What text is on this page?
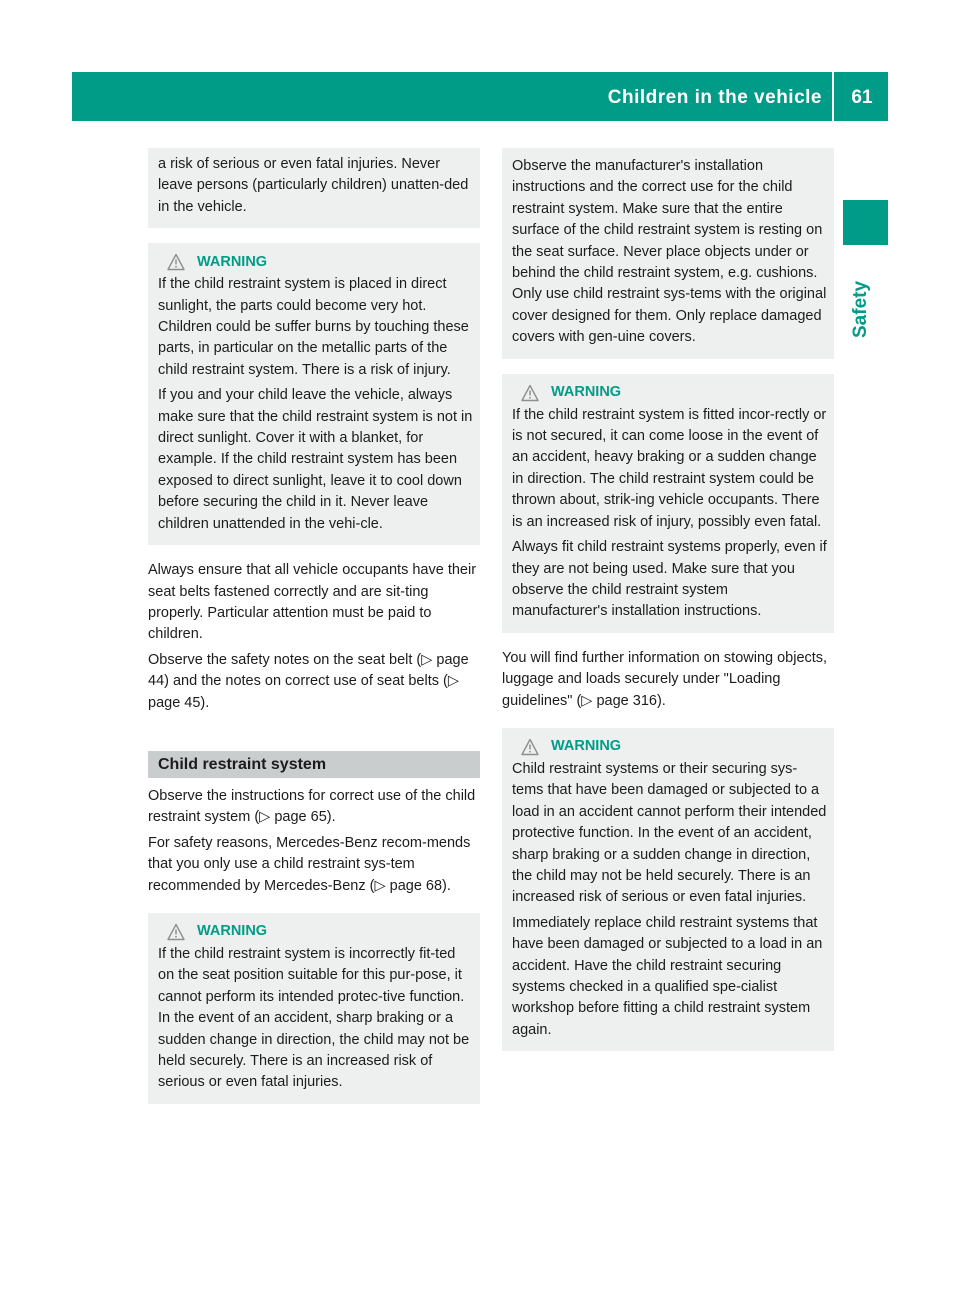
Children in the vehicle	61
Safety

a risk of serious or even fatal injuries. Never leave persons (particularly children) unatten-ded in the vehicle.

WARNING

If the child restraint system is placed in direct sunlight, the parts could become very hot. Children could be suffer burns by touching these parts, in particular on the metallic parts of the child restraint system. There is a risk of injury.

If you and your child leave the vehicle, always make sure that the child restraint system is not in direct sunlight. Cover it with a blanket, for example. If the child restraint system has been exposed to direct sunlight, leave it to cool down before securing the child in it. Never leave children unattended in the vehi-cle.

Always ensure that all vehicle occupants have their seat belts fastened correctly and are sit-ting properly. Particular attention must be paid to children.

Observe the safety notes on the seat belt (▷ page 44) and the notes on correct use of seat belts (▷ page 45).

Child restraint system

Observe the instructions for correct use of the child restraint system (▷ page 65).

For safety reasons, Mercedes-Benz recom-mends that you only use a child restraint sys-tem recommended by Mercedes-Benz (▷ page 68).

WARNING

If the child restraint system is incorrectly fit-ted on the seat position suitable for this pur-pose, it cannot perform its intended protec-tive function. In the event of an accident, sharp braking or a sudden change in direction, the child may not be held securely. There is an increased risk of serious or even fatal injuries.

Observe the manufacturer's installation instructions and the correct use for the child restraint system. Make sure that the entire surface of the child restraint system is resting on the seat surface. Never place objects under or behind the child restraint system, e.g. cushions. Only use child restraint sys-tems with the original cover designed for them. Only replace damaged covers with gen-uine covers.

WARNING

If the child restraint system is fitted incor-rectly or is not secured, it can come loose in the event of an accident, heavy braking or a sudden change in direction. The child restraint system could be thrown about, strik-ing vehicle occupants. There is an increased risk of injury, possibly even fatal.

Always fit child restraint systems properly, even if they are not being used. Make sure that you observe the child restraint system manufacturer's installation instructions.

You will find further information on stowing objects, luggage and loads securely under "Loading guidelines" (▷ page 316).

WARNING

Child restraint systems or their securing sys-tems that have been damaged or subjected to a load in an accident cannot perform their intended protective function. In the event of an accident, sharp braking or a sudden change in direction, the child may not be held securely. There is an increased risk of serious or even fatal injuries.

Immediately replace child restraint systems that have been damaged or subjected to a load in an accident. Have the child restraint securing systems checked in a qualified spe-cialist workshop before fitting a child restraint system again.
